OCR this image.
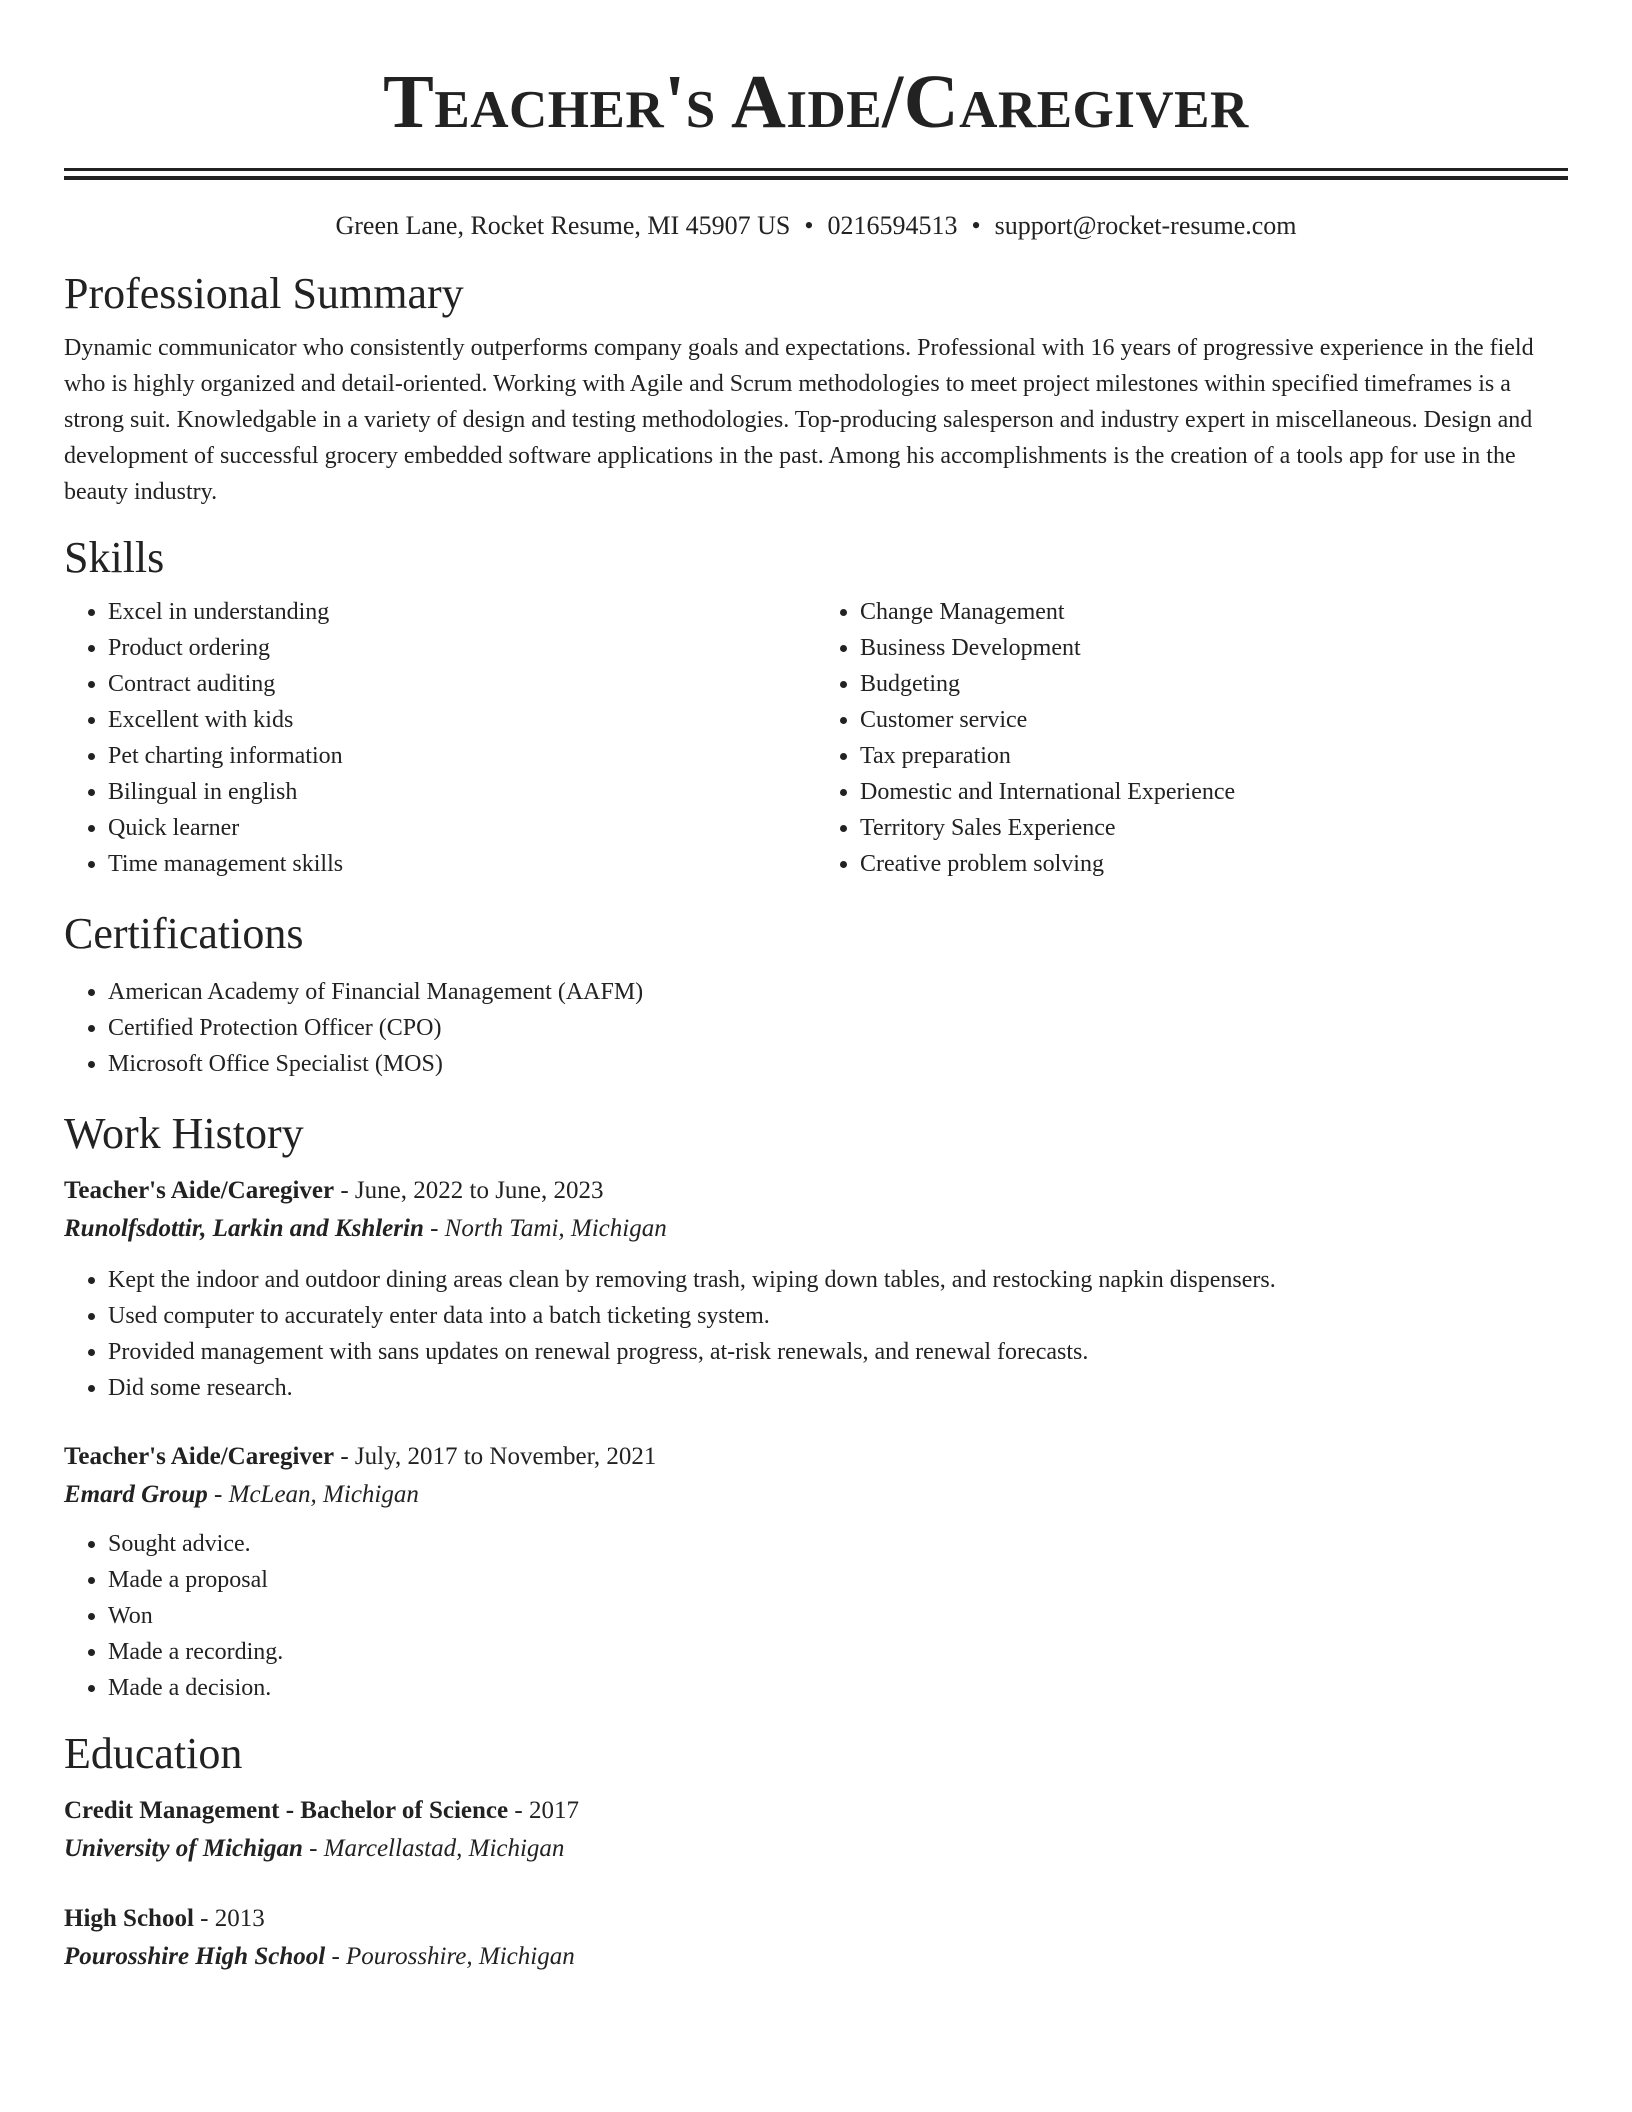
Teacher's Aide/Caregiver
Green Lane, Rocket Resume, MI 45907 US • 0216594513 • support@rocket-resume.com
Professional Summary

Dynamic communicator who consistently outperforms company goals and expectations. Professional with 16 years of progressive experience in the field who is highly organized and detail-oriented. Working with Agile and Scrum methodologies to meet project milestones within specified timeframes is a strong suit. Knowledgable in a variety of design and testing methodologies. Top-producing salesperson and industry expert in miscellaneous. Design and development of successful grocery embedded software applications in the past. Among his accomplishments is the creation of a tools app for use in the beauty industry.

Skills
• Excel in understanding
• Product ordering
• Contract auditing
• Excellent with kids
• Pet charting information
• Bilingual in english
• Quick learner
• Time management skills
• Change Management
• Business Development
• Budgeting
• Customer service
• Tax preparation
• Domestic and International Experience
• Territory Sales Experience
• Creative problem solving
Certifications
• American Academy of Financial Management (AAFM)
• Certified Protection Officer (CPO)
• Microsoft Office Specialist (MOS)
Work History
Teacher's Aide/Caregiver - June, 2022 to June, 2023
Runolfsdottir, Larkin and Kshlerin - North Tami, Michigan
• Kept the indoor and outdoor dining areas clean by removing trash, wiping down tables, and restocking napkin dispensers.
• Used computer to accurately enter data into a batch ticketing system.
• Provided management with sans updates on renewal progress, at-risk renewals, and renewal forecasts.
• Did some research.
Teacher's Aide/Caregiver - July, 2017 to November, 2021
Emard Group - McLean, Michigan
• Sought advice.
• Made a proposal
• Won
• Made a recording.
• Made a decision.
Education
Credit Management - Bachelor of Science - 2017
University of Michigan - Marcellastad, Michigan
High School - 2013
Pourosshire High School - Pourosshire, Michigan
